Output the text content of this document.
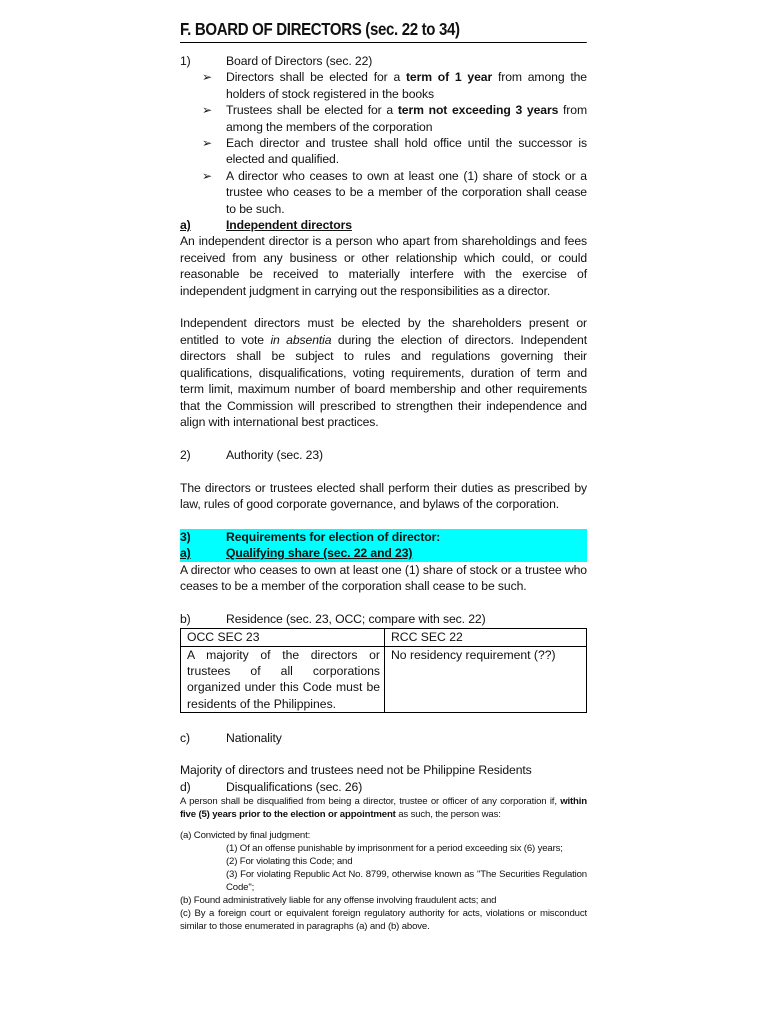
F. BOARD OF DIRECTORS (sec. 22 to 34)
1)	Board of Directors (sec. 22)
➢	Directors shall be elected for a term of 1 year from among the holders of stock registered in the books
➢	Trustees shall be elected for a term not exceeding 3 years from among the members of the corporation
➢	Each director and trustee shall hold office until the successor is elected and qualified.
➢	A director who ceases to own at least one (1) share of stock or a trustee who ceases to be a member of the corporation shall cease to be such.
a)	Independent directors
An independent director is a person who apart from shareholdings and fees received from any business or other relationship which could, or could reasonable be received to materially interfere with the exercise of independent judgment in carrying out the responsibilities as a director.
Independent directors must be elected by the shareholders present or entitled to vote in absentia during the election of directors. Independent directors shall be subject to rules and regulations governing their qualifications, disqualifications, voting requirements, duration of term and term limit, maximum number of board membership and other requirements that the Commission will prescribed to strengthen their independence and align with international best practices.
2)	Authority (sec. 23)
The directors or trustees elected shall perform their duties as prescribed by law, rules of good corporate governance, and bylaws of the corporation.
3)	Requirements for election of director:
a)	Qualifying share (sec. 22 and 23)
A director who ceases to own at least one (1) share of stock or a trustee who ceases to be a member of the corporation shall cease to be such.
b)	Residence (sec. 23, OCC; compare with sec. 22)
OCC SEC 23	RCC SEC 22
A majority of the directors or trustees of all corporations organized under this Code must be residents of the Philippines.	No residency requirement (??)
c)	Nationality
Majority of directors and trustees need not be Philippine Residents
d)	Disqualifications (sec. 26)
A person shall be disqualified from being a director, trustee or officer of any corporation if, within five (5) years prior to the election or appointment as such, the person was:
(a) Convicted by final judgment:
(1) Of an offense punishable by imprisonment for a period exceeding six (6) years;
(2) For violating this Code; and
(3) For violating Republic Act No. 8799, otherwise known as "The Securities Regulation Code";
(b) Found administratively liable for any offense involving fraudulent acts; and
(c) By a foreign court or equivalent foreign regulatory authority for acts, violations or misconduct similar to those enumerated in paragraphs (a) and (b) above.
